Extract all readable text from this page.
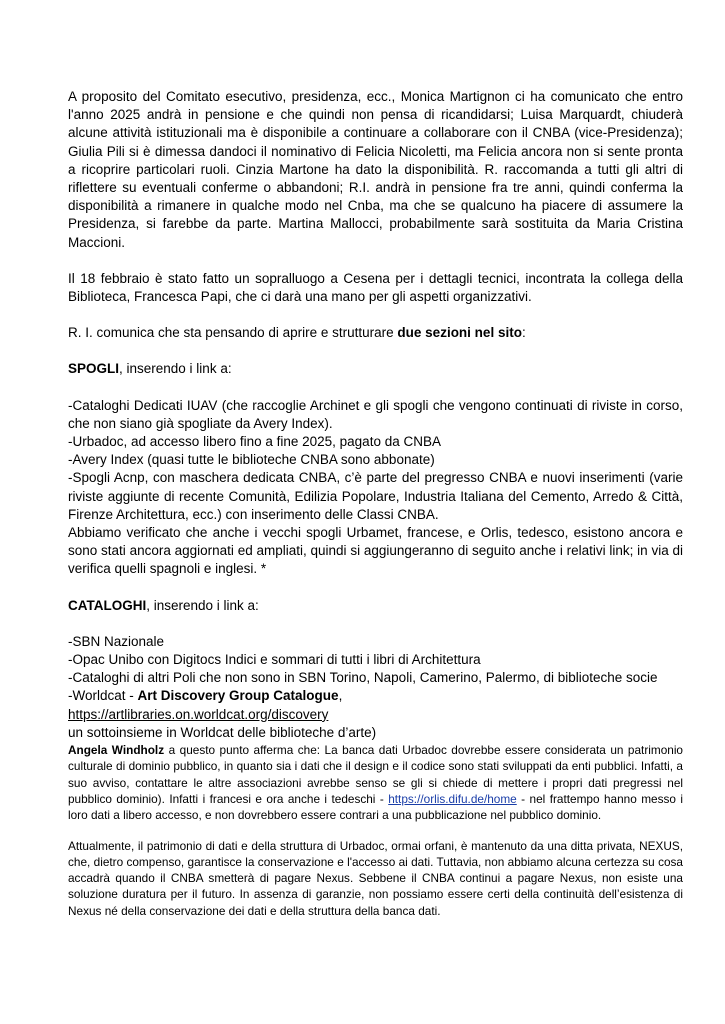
A proposito del Comitato esecutivo, presidenza, ecc., Monica Martignon ci ha comunicato che entro l'anno 2025 andrà in pensione e che quindi non pensa di ricandidarsi; Luisa Marquardt, chiuderà alcune attività istituzionali ma è disponibile a continuare a collaborare con il CNBA (vice-Presidenza); Giulia Pili si è dimessa dandoci il nominativo di Felicia Nicoletti, ma Felicia ancora non si sente pronta a ricoprire particolari ruoli. Cinzia Martone ha dato la disponibilità. R. raccomanda a tutti gli altri di riflettere su eventuali conferme o abbandoni; R.I. andrà in pensione fra tre anni, quindi conferma la disponibilità a rimanere in qualche modo nel Cnba, ma che se qualcuno ha piacere di assumere la Presidenza, si farebbe da parte. Martina Mallocci, probabilmente sarà sostituita da Maria Cristina Maccioni.

Il 18 febbraio è stato fatto un sopralluogo a Cesena per i dettagli tecnici, incontrata la collega della Biblioteca, Francesca Papi, che ci darà una mano per gli aspetti organizzativi.

R. I. comunica che sta pensando di aprire e strutturare due sezioni nel sito:

SPOGLI, inserendo i link a:

-Cataloghi Dedicati IUAV (che raccoglie Archinet e gli spogli che vengono continuati di riviste in corso, che non siano già spogliate da Avery Index).

-Urbadoc, ad accesso libero fino a fine 2025, pagato da CNBA

-Avery Index (quasi tutte le biblioteche CNBA sono abbonate)

-Spogli Acnp, con maschera dedicata CNBA, c’è parte del pregresso CNBA e nuovi inserimenti (varie riviste aggiunte di recente Comunità, Edilizia Popolare, Industria Italiana del Cemento, Arredo & Città, Firenze Architettura, ecc.) con inserimento delle Classi CNBA.

Abbiamo verificato che anche i vecchi spogli Urbamet, francese, e Orlis, tedesco, esistono ancora e sono stati ancora aggiornati ed ampliati, quindi si aggiungeranno di seguito anche i relativi link; in via di verifica quelli spagnoli e inglesi. *

CATALOGHI, inserendo i link a:

-SBN Nazionale

-Opac Unibo con Digitocs Indici e sommari di tutti i libri di Architettura

-Cataloghi di altri Poli che non sono in SBN Torino, Napoli, Camerino, Palermo, di biblioteche socie

-Worldcat - Art Discovery Group Catalogue,

https://artlibraries.on.worldcat.org/discovery

un sottoinsieme in Worldcat delle biblioteche d’arte)

Angela Windholz a questo punto afferma che: La banca dati Urbadoc dovrebbe essere considerata un patrimonio culturale di dominio pubblico, in quanto sia i dati che il design e il codice sono stati sviluppati da enti pubblici. Infatti, a suo avviso, contattare le altre associazioni avrebbe senso se gli si chiede di mettere i propri dati pregressi nel pubblico dominio). Infatti i francesi e ora anche i tedeschi - https://orlis.difu.de/home - nel frattempo hanno messo i loro dati a libero accesso, e non dovrebbero essere contrari a una pubblicazione nel pubblico dominio.

Attualmente, il patrimonio di dati e della struttura di Urbadoc, ormai orfani, è mantenuto da una ditta privata, NEXUS, che, dietro compenso, garantisce la conservazione e l'accesso ai dati. Tuttavia, non abbiamo alcuna certezza su cosa accadrà quando il CNBA smetterà di pagare Nexus. Sebbene il CNBA continui a pagare Nexus, non esiste una soluzione duratura per il futuro. In assenza di garanzie, non possiamo essere certi della continuità dell’esistenza di Nexus né della conservazione dei dati e della struttura della banca dati.
